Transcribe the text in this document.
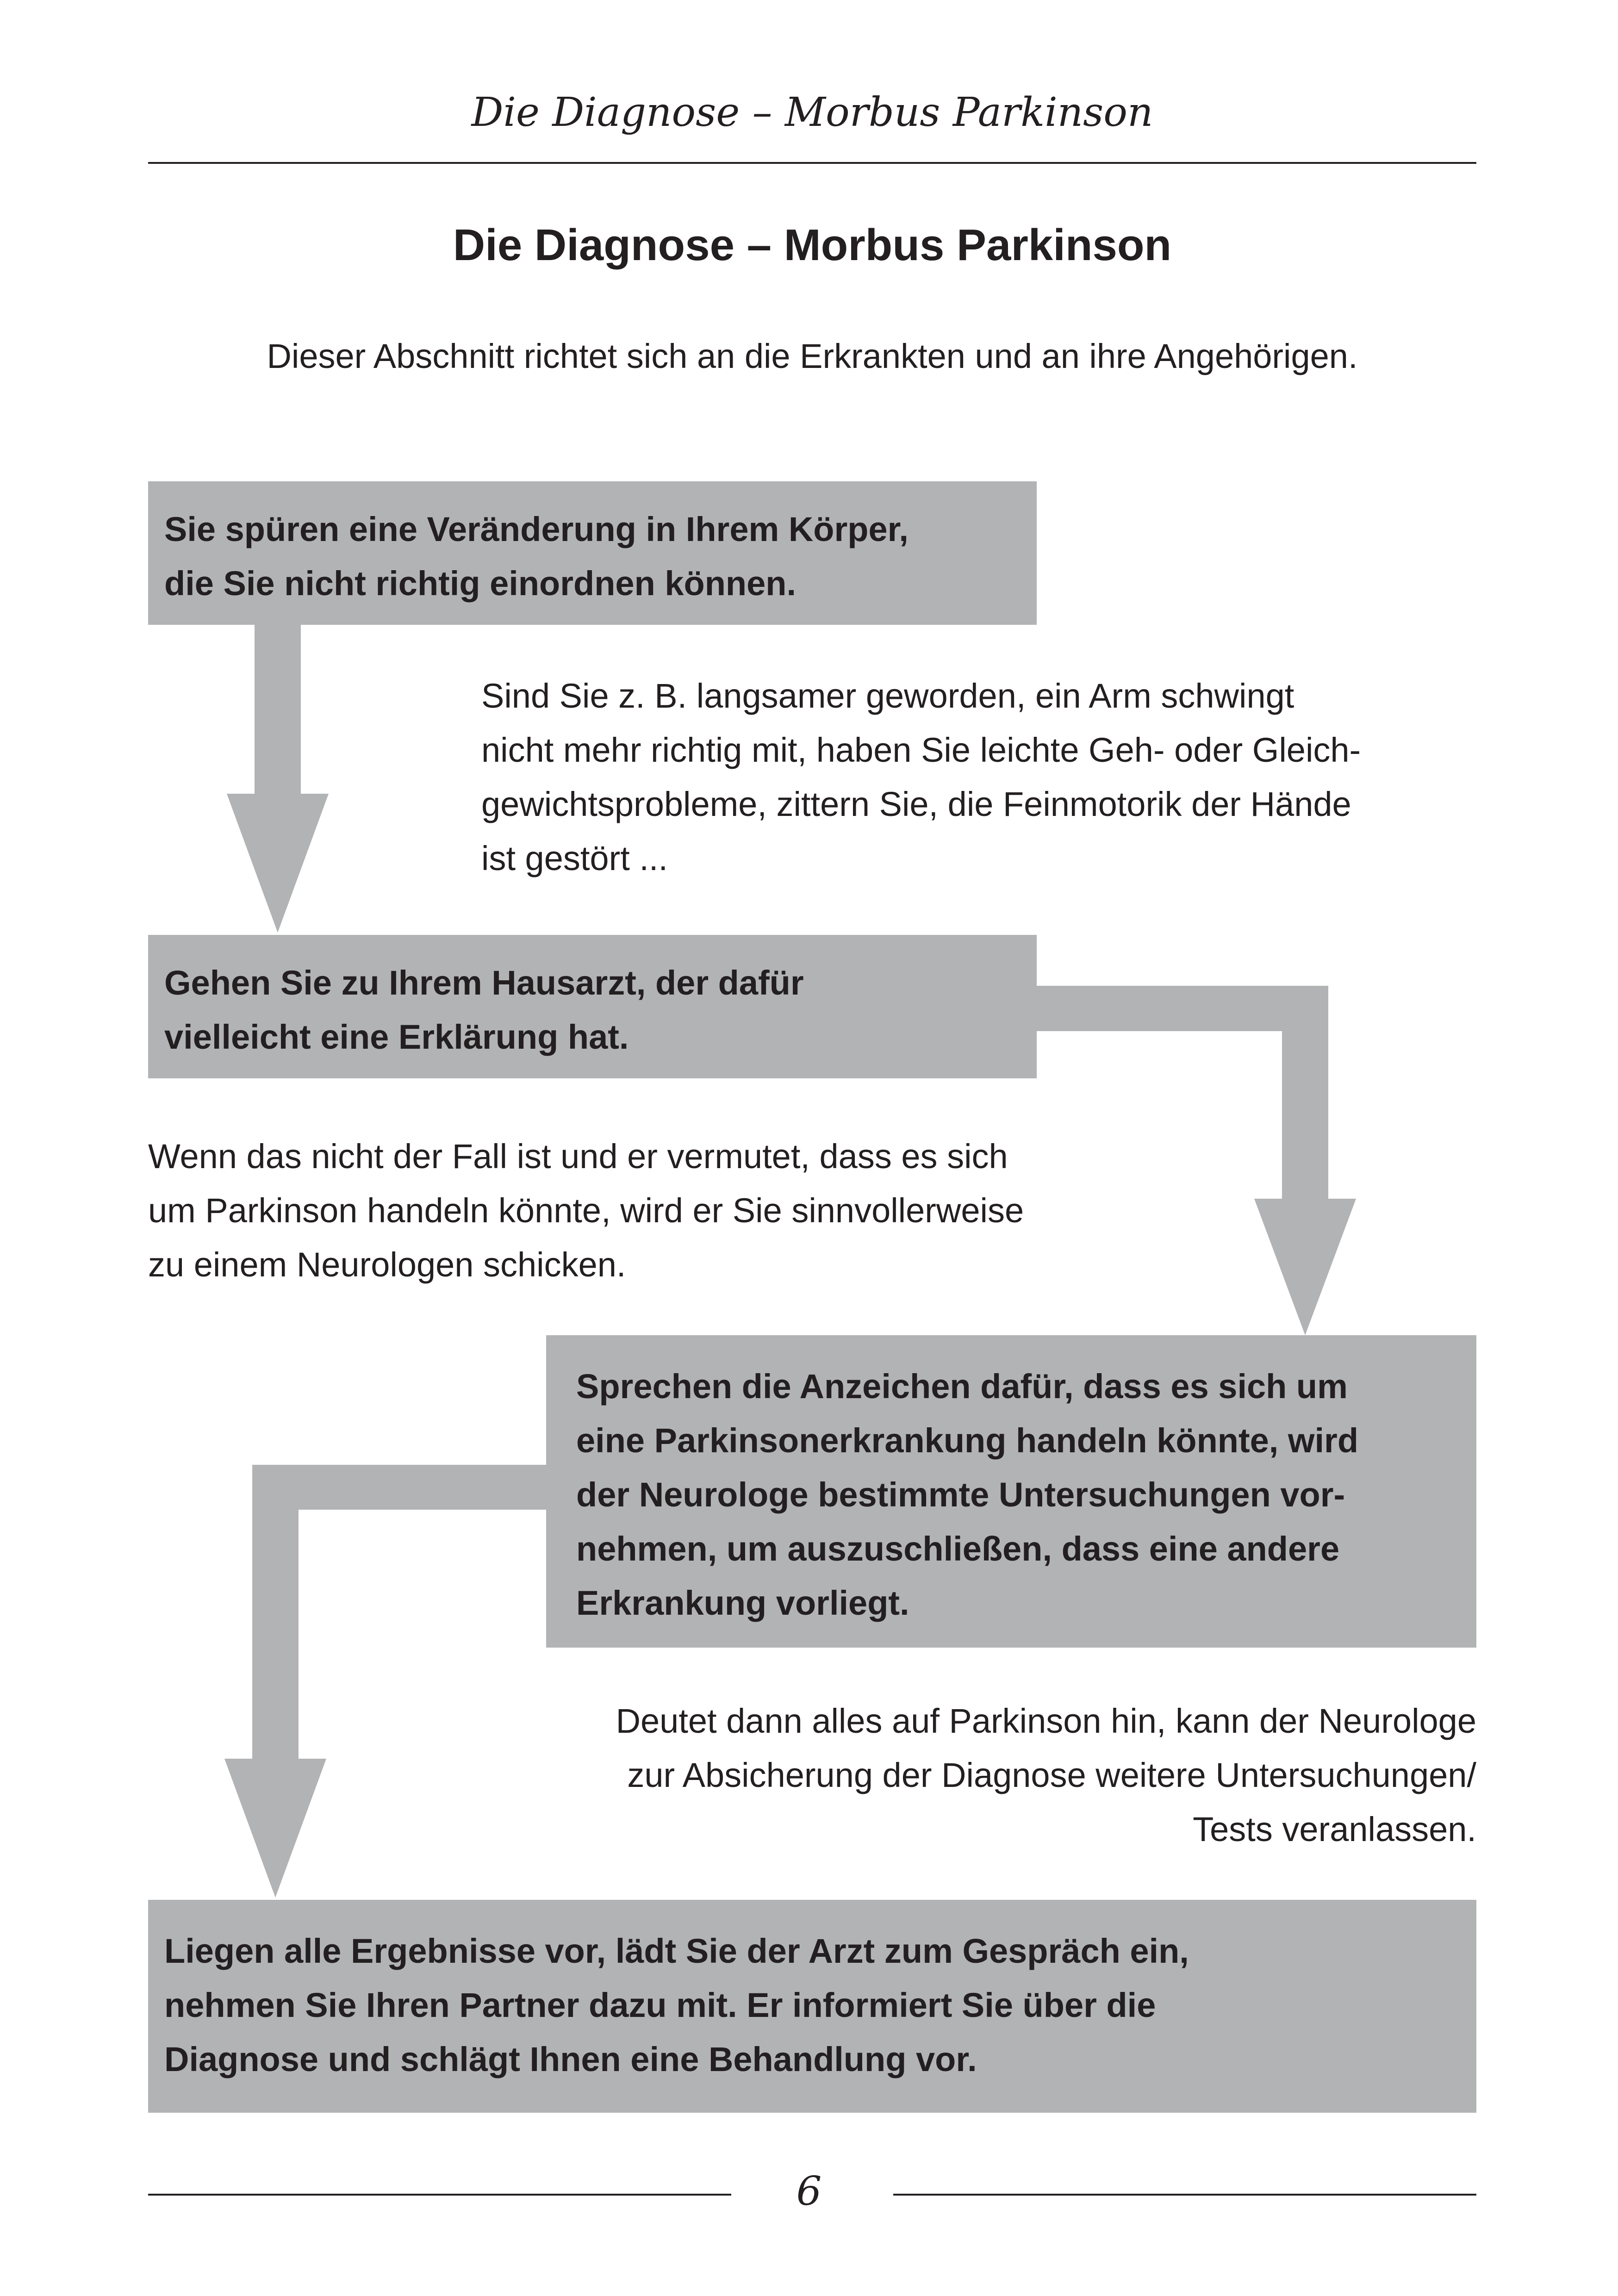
Die Diagnose – Morbus Parkinson
Die Diagnose – Morbus Parkinson
Dieser Abschnitt richtet sich an die Erkrankten und an ihre Angehörigen.
Sie spüren eine Veränderung in Ihrem Körper,
die Sie nicht richtig einordnen können.
Sind Sie z. B. langsamer geworden, ein Arm schwingt
nicht mehr richtig mit, haben Sie leichte Geh- oder Gleich-
gewichtsprobleme, zittern Sie, die Feinmotorik der Hände
ist gestört ...
Gehen Sie zu Ihrem Hausarzt, der dafür
vielleicht eine Erklärung hat.
Wenn das nicht der Fall ist und er vermutet, dass es sich
um Parkinson handeln könnte, wird er Sie sinnvollerweise
zu einem Neurologen schicken.
Sprechen die Anzeichen dafür, dass es sich um
eine Parkinsonerkrankung handeln könnte, wird
der Neurologe bestimmte Untersuchungen vor-
nehmen, um auszuschließen, dass eine andere
Erkrankung vorliegt.
Deutet dann alles auf Parkinson hin, kann der Neurologe
zur Absicherung der Diagnose weitere Untersuchungen/
Tests veranlassen.
Liegen alle Ergebnisse vor, lädt Sie der Arzt zum Gespräch ein,
nehmen Sie Ihren Partner dazu mit. Er informiert Sie über die
Diagnose und schlägt Ihnen eine Behandlung vor.
6
